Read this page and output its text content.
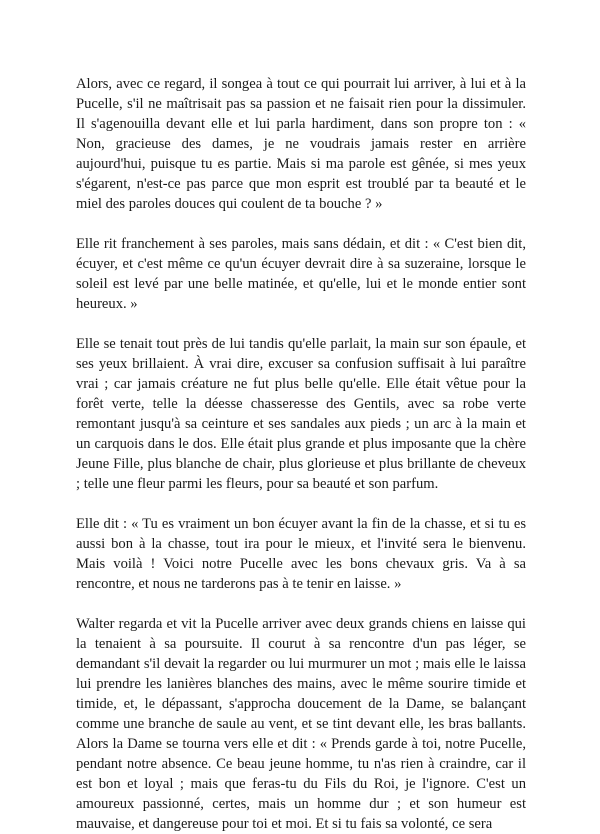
Alors, avec ce regard, il songea à tout ce qui pourrait lui arriver, à lui et à la Pucelle, s'il ne maîtrisait pas sa passion et ne faisait rien pour la dissimuler. Il s'agenouilla devant elle et lui parla hardiment, dans son propre ton : « Non, gracieuse des dames, je ne voudrais jamais rester en arrière aujourd'hui, puisque tu es partie. Mais si ma parole est gênée, si mes yeux s'égarent, n'est-ce pas parce que mon esprit est troublé par ta beauté et le miel des paroles douces qui coulent de ta bouche ? »

Elle rit franchement à ses paroles, mais sans dédain, et dit : « C'est bien dit, écuyer, et c'est même ce qu'un écuyer devrait dire à sa suzeraine, lorsque le soleil est levé par une belle matinée, et qu'elle, lui et le monde entier sont heureux. »

Elle se tenait tout près de lui tandis qu'elle parlait, la main sur son épaule, et ses yeux brillaient. À vrai dire, excuser sa confusion suffisait à lui paraître vrai ; car jamais créature ne fut plus belle qu'elle. Elle était vêtue pour la forêt verte, telle la déesse chasseresse des Gentils, avec sa robe verte remontant jusqu'à sa ceinture et ses sandales aux pieds ; un arc à la main et un carquois dans le dos. Elle était plus grande et plus imposante que la chère Jeune Fille, plus blanche de chair, plus glorieuse et plus brillante de cheveux ; telle une fleur parmi les fleurs, pour sa beauté et son parfum.

Elle dit : « Tu es vraiment un bon écuyer avant la fin de la chasse, et si tu es aussi bon à la chasse, tout ira pour le mieux, et l'invité sera le bienvenu. Mais voilà ! Voici notre Pucelle avec les bons chevaux gris. Va à sa rencontre, et nous ne tarderons pas à te tenir en laisse. »

Walter regarda et vit la Pucelle arriver avec deux grands chiens en laisse qui la tenaient à sa poursuite. Il courut à sa rencontre d'un pas léger, se demandant s'il devait la regarder ou lui murmurer un mot ; mais elle le laissa lui prendre les lanières blanches des mains, avec le même sourire timide et timide, et, le dépassant, s'approcha doucement de la Dame, se balançant comme une branche de saule au vent, et se tint devant elle, les bras ballants. Alors la Dame se tourna vers elle et dit : « Prends garde à toi, notre Pucelle, pendant notre absence. Ce beau jeune homme, tu n'as rien à craindre, car il est bon et loyal ; mais que feras-tu du Fils du Roi, je l'ignore. C'est un amoureux passionné, certes, mais un homme dur ; et son humeur est mauvaise, et dangereuse pour toi et moi. Et si tu fais sa volonté, ce sera
